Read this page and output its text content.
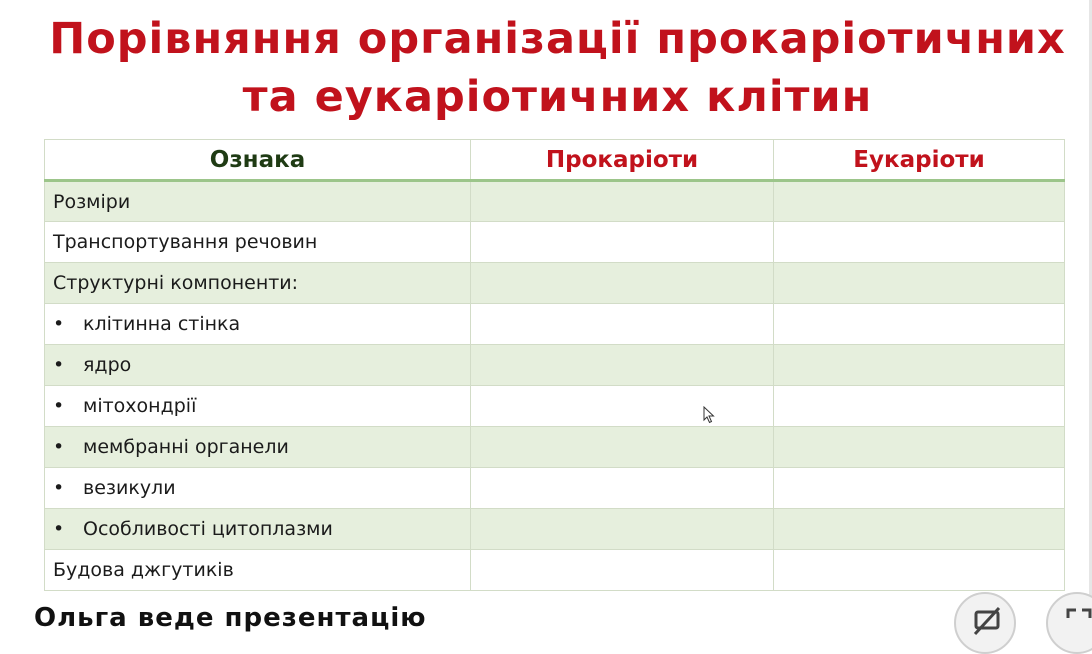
Порівняння організації прокаріотичних
та еукаріотичних клітин
Ознака	Прокаріоти	Еукаріоти
Розміри		
Транспортування речовин		
Структурні компоненти:		
• клітинна стінка		
• ядро		
• мітохондрії		
• мембранні органели		
• везикули		
• Особливості цитоплазми		
Будова джгутиків		
Ольга веде презентацію
